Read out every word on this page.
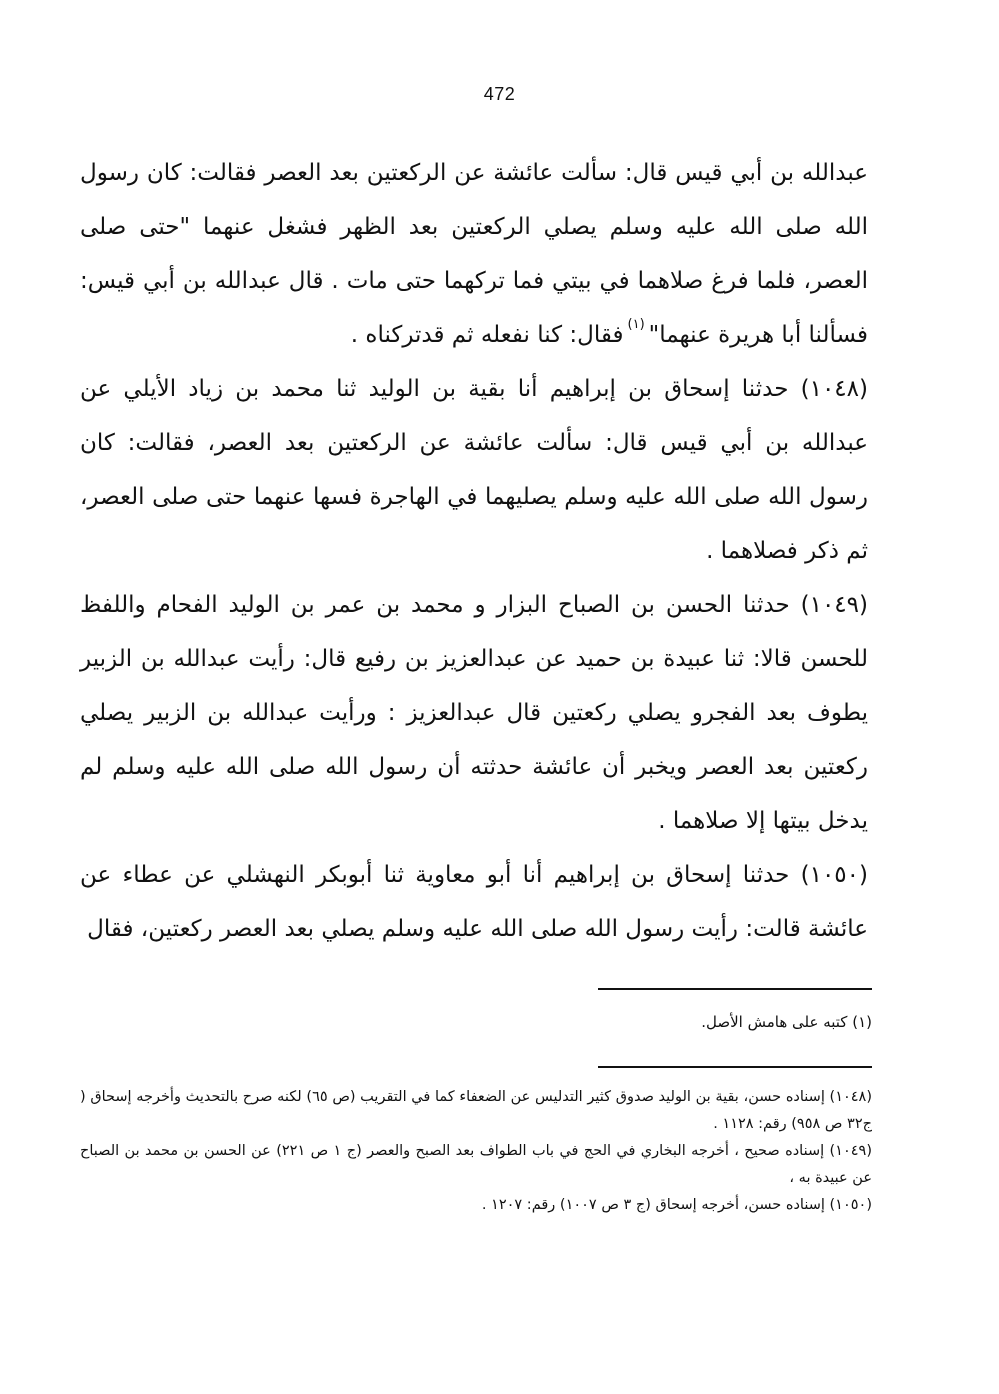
472

عبدالله بن أبي قيس قال: سألت عائشة عن الركعتين بعد العصر فقالت: كان رسول الله صلى الله عليه وسلم يصلي الركعتين بعد الظهر فشغل عنهما "حتى صلى العصر، فلما فرغ صلاهما في بيتي فما تركهما حتى مات . قال عبدالله بن أبي قيس: فسألنا أبا هريرة عنهما"$^{(١)}$فقال: كنا نفعله ثم قدتركناه .

(١٠٤٨) حدثنا إسحاق بن إبراهيم أنا بقية بن الوليد ثنا محمد بن زياد الأيلي عن عبدالله بن أبي قيس قال: سألت عائشة عن الركعتين بعد العصر، فقالت: كان رسول الله صلى الله عليه وسلم يصليهما في الهاجرة فسها عنهما حتى صلى العصر، ثم ذكر فصلاهما .

(١٠٤٩) حدثنا الحسن بن الصباح البزار و محمد بن عمر بن الوليد الفحام واللفظ للحسن قالا: ثنا عبيدة بن حميد عن عبدالعزيز بن رفيع قال: رأيت عبدالله بن الزبير يطوف بعد الفجرو يصلي ركعتين قال عبدالعزيز : ورأيت عبدالله بن الزبير يصلي ركعتين بعد العصر ويخبر أن عائشة حدثته أن رسول الله صلى الله عليه وسلم لم يدخل بيتها إلا صلاهما .

(١٠٥٠) حدثنا إسحاق بن إبراهيم أنا أبو معاوية ثنا أبوبكر النهشلي عن عطاء عن عائشة قالت: رأيت رسول الله صلى الله عليه وسلم يصلي بعد العصر ركعتين، فقال

(١) كتبه على هامش الأصل.

(١٠٤٨) إسناده حسن، بقية بن الوليد صدوق كثير التدليس عن الضعفاء كما في التقريب (ص ٦٥) لكنه صرح بالتحديث وأخرجه إسحاق ( ج٣٢ ص ٩٥٨) رقم: ١١٢٨ .

(١٠٤٩) إسناده صحيح ، أخرجه البخاري في الحج في باب الطواف بعد الصبح والعصر (ج ١ ص ٢٢١) عن الحسن بن محمد بن الصباح عن عبيدة به ،

(١٠٥٠) إسناده حسن، أخرجه إسحاق (ج ٣ ص ١٠٠٧) رقم: ١٢٠٧ .
